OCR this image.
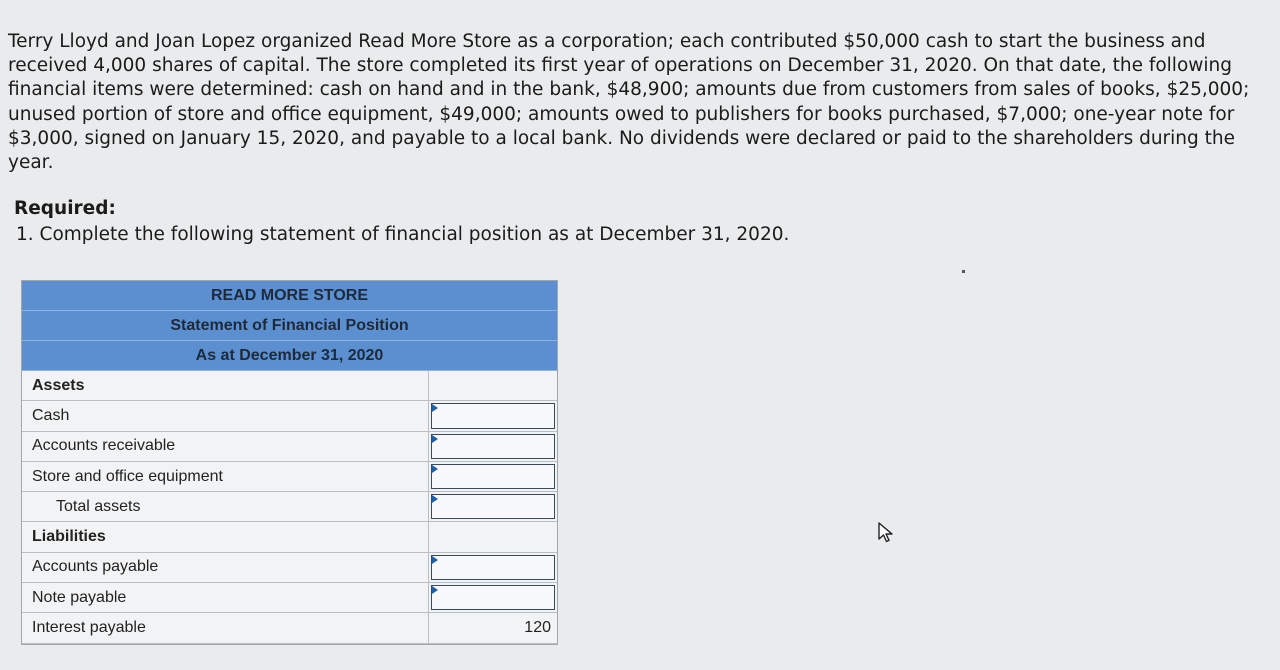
Terry Lloyd and Joan Lopez organized Read More Store as a corporation; each contributed $50,000 cash to start the business and received 4,000 shares of capital. The store completed its first year of operations on December 31, 2020. On that date, the following financial items were determined: cash on hand and in the bank, $48,900; amounts due from customers from sales of books, $25,000; unused portion of store and office equipment, $49,000; amounts owed to publishers for books purchased, $7,000; one-year note for $3,000, signed on January 15, 2020, and payable to a local bank. No dividends were declared or paid to the shareholders during the year.

Required:
1. Complete the following statement of financial position as at December 31, 2020.
READ MORE STORE
Statement of Financial Position
As at December 31, 2020
Assets
Cash
Accounts receivable
Store and office equipment
Total assets
Liabilities
Accounts payable
Note payable
Interest payable	120
